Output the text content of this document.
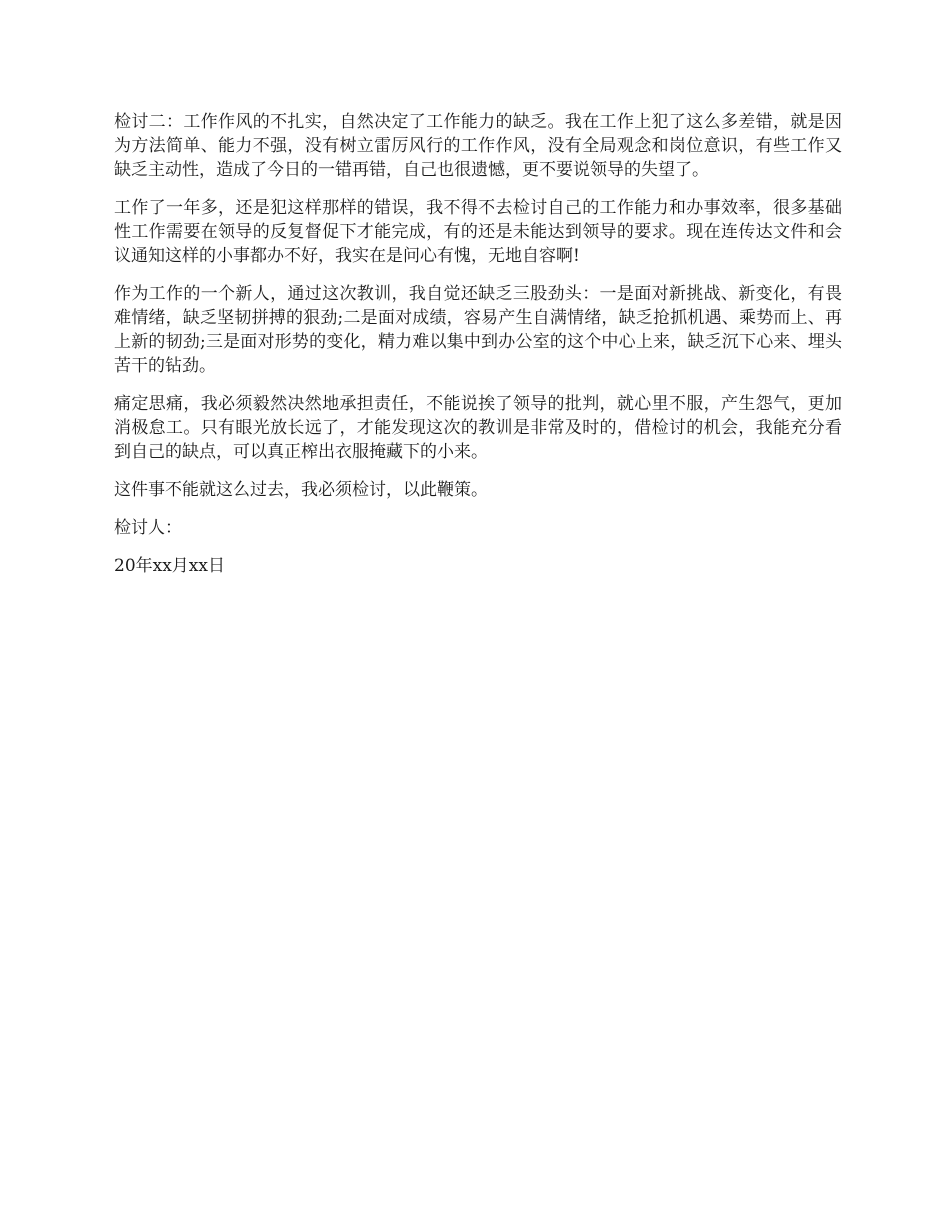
检讨二：工作作风的不扎实，自然决定了工作能力的缺乏。我在工作上犯了这么多差错，就是因为方法简单、能力不强，没有树立雷厉风行的工作作风，没有全局观念和岗位意识，有些工作又缺乏主动性，造成了今日的一错再错，自己也很遗憾，更不要说领导的失望了。

工作了一年多，还是犯这样那样的错误，我不得不去检讨自己的工作能力和办事效率，很多基础性工作需要在领导的反复督促下才能完成，有的还是未能达到领导的要求。现在连传达文件和会议通知这样的小事都办不好，我实在是问心有愧，无地自容啊!

作为工作的一个新人，通过这次教训，我自觉还缺乏三股劲头：一是面对新挑战、新变化，有畏难情绪，缺乏坚韧拼搏的狠劲;二是面对成绩，容易产生自满情绪，缺乏抢抓机遇、乘势而上、再上新的韧劲;三是面对形势的变化，精力难以集中到办公室的这个中心上来，缺乏沉下心来、埋头苦干的钻劲。

痛定思痛，我必须毅然决然地承担责任，不能说挨了领导的批判，就心里不服，产生怨气，更加消极怠工。只有眼光放长远了，才能发现这次的教训是非常及时的，借检讨的机会，我能充分看到自己的缺点，可以真正榨出衣服掩藏下的小来。

这件事不能就这么过去，我必须检讨，以此鞭策。

检讨人：

20年xx月xx日
